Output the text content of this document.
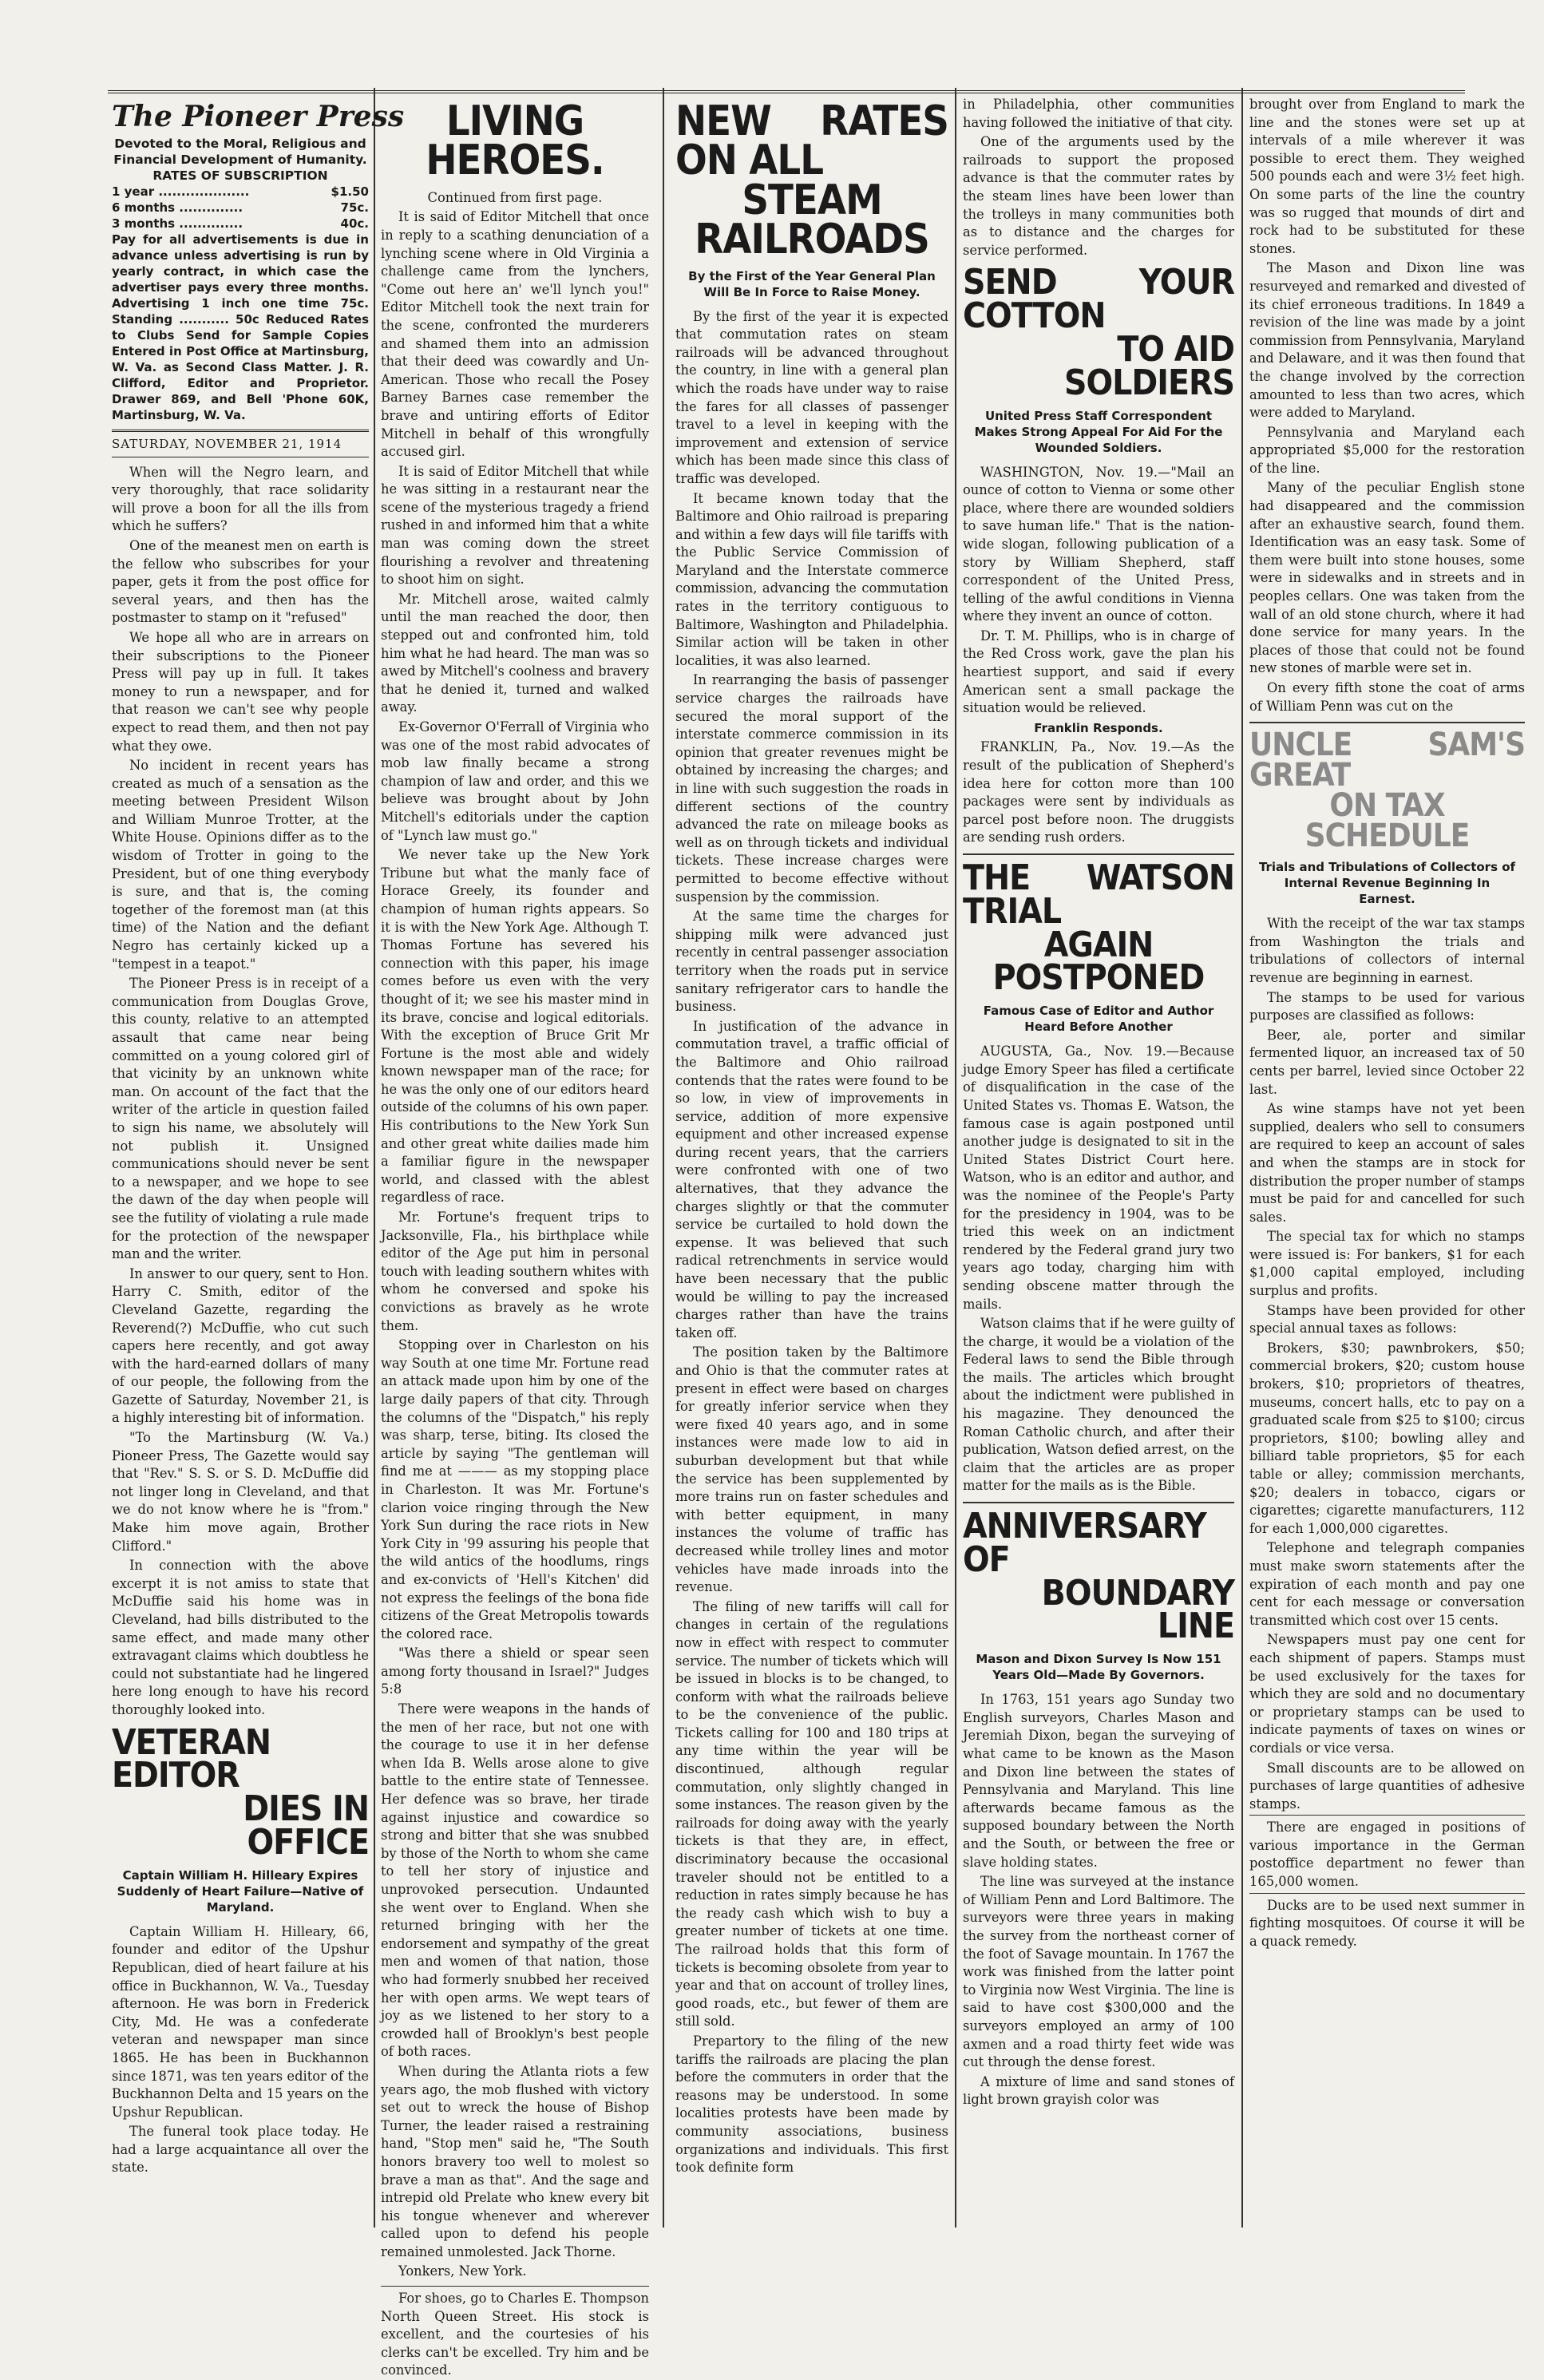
The Pioneer Press
Devoted to the Moral, Religious and
Financial Development of Humanity.
RATES OF SUBSCRIPTION
1 year ....................	$1.50
6 months ..............	75c.
3 months ..............	40c.

Pay for all advertisements is due in advance unless advertising is run by yearly contract, in which case the advertiser pays every three months. Advertising 1 inch one time 75c. Standing ........... 50c Reduced Rates to Clubs Send for Sample Copies Entered in Post Office at Martinsburg, W. Va. as Second Class Matter. J. R. Clifford, Editor and Proprietor. Drawer 869, and Bell 'Phone 60K, Martinsburg, W. Va.

SATURDAY, NOVEMBER 21, 1914

When will the Negro learn, and very thoroughly, that race solidarity will prove a boon for all the ills from which he suffers?

One of the meanest men on earth is the fellow who subscribes for your paper, gets it from the post office for several years, and then has the postmaster to stamp on it "refused"

We hope all who are in arrears on their subscriptions to the Pioneer Press will pay up in full. It takes money to run a newspaper, and for that reason we can't see why people expect to read them, and then not pay what they owe.

No incident in recent years has created as much of a sensation as the meeting between President Wilson and William Munroe Trotter, at the White House. Opinions differ as to the wisdom of Trotter in going to the President, but of one thing everybody is sure, and that is, the coming together of the foremost man (at this time) of the Nation and the defiant Negro has certainly kicked up a "tempest in a teapot."

The Pioneer Press is in receipt of a communication from Douglas Grove, this county, relative to an attempted assault that came near being committed on a young colored girl of that vicinity by an unknown white man. On account of the fact that the writer of the article in question failed to sign his name, we absolutely will not publish it. Unsigned communications should never be sent to a newspaper, and we hope to see the dawn of the day when people will see the futility of violating a rule made for the protection of the newspaper man and the writer.

In answer to our query, sent to Hon. Harry C. Smith, editor of the Cleveland Gazette, regarding the Reverend(?) McDuffie, who cut such capers here recently, and got away with the hard-earned dollars of many of our people, the following from the Gazette of Saturday, November 21, is a highly interesting bit of information.

"To the Martinsburg (W. Va.) Pioneer Press, The Gazette would say that "Rev." S. S. or S. D. McDuffie did not linger long in Cleveland, and that we do not know where he is "from." Make him move again, Brother Clifford."

In connection with the above excerpt it is not amiss to state that McDuffie said his home was in Cleveland, had bills distributed to the same effect, and made many other extravagant claims which doubtless he could not substantiate had he lingered here long enough to have his record thoroughly looked into.

VETERAN EDITOR
DIES IN OFFICE
Captain William H. Hilleary Expires Suddenly of Heart Failure—Native of Maryland.

Captain William H. Hilleary, 66, founder and editor of the Upshur Republican, died of heart failure at his office in Buckhannon, W. Va., Tuesday afternoon. He was born in Frederick City, Md. He was a confederate veteran and newspaper man since 1865. He has been in Buckhannon since 1871, was ten years editor of the Buckhannon Delta and 15 years on the Upshur Republican.

The funeral took place today. He had a large acquaintance all over the state.

LIVING HEROES.

Continued from first page.

It is said of Editor Mitchell that once in reply to a scathing denunciation of a lynching scene where in Old Virginia a challenge came from the lynchers, "Come out here an' we'll lynch you!" Editor Mitchell took the next train for the scene, confronted the murderers and shamed them into an admission that their deed was cowardly and Un-American. Those who recall the Posey Barney Barnes case remember the brave and untiring efforts of Editor Mitchell in behalf of this wrongfully accused girl.

It is said of Editor Mitchell that while he was sitting in a restaurant near the scene of the mysterious tragedy a friend rushed in and informed him that a white man was coming down the street flourishing a revolver and threatening to shoot him on sight.

Mr. Mitchell arose, waited calmly until the man reached the door, then stepped out and confronted him, told him what he had heard. The man was so awed by Mitchell's coolness and bravery that he denied it, turned and walked away.

Ex-Governor O'Ferrall of Virginia who was one of the most rabid advocates of mob law finally became a strong champion of law and order, and this we believe was brought about by John Mitchell's editorials under the caption of "Lynch law must go."

We never take up the New York Tribune but what the manly face of Horace Greely, its founder and champion of human rights appears. So it is with the New York Age. Although T. Thomas Fortune has severed his connection with this paper, his image comes before us even with the very thought of it; we see his master mind in its brave, concise and logical editorials. With the exception of Bruce Grit Mr Fortune is the most able and widely known newspaper man of the race; for he was the only one of our editors heard outside of the columns of his own paper. His contributions to the New York Sun and other great white dailies made him a familiar figure in the newspaper world, and classed with the ablest regardless of race.

Mr. Fortune's frequent trips to Jacksonville, Fla., his birthplace while editor of the Age put him in personal touch with leading southern whites with whom he conversed and spoke his convictions as bravely as he wrote them.

Stopping over in Charleston on his way South at one time Mr. Fortune read an attack made upon him by one of the large daily papers of that city. Through the columns of the "Dispatch," his reply was sharp, terse, biting. Its closed the article by saying "The gentleman will find me at ——— as my stopping place in Charleston. It was Mr. Fortune's clarion voice ringing through the New York Sun during the race riots in New York City in '99 assuring his people that the wild antics of the hoodlums, rings and ex-convicts of 'Hell's Kitchen' did not express the feelings of the bona fide citizens of the Great Metropolis towards the colored race.

"Was there a shield or spear seen among forty thousand in Israel?" Judges 5:8

There were weapons in the hands of the men of her race, but not one with the courage to use it in her defense when Ida B. Wells arose alone to give battle to the entire state of Tennessee. Her defence was so brave, her tirade against injustice and cowardice so strong and bitter that she was snubbed by those of the North to whom she came to tell her story of injustice and unprovoked persecution. Undaunted she went over to England. When she returned bringing with her the endorsement and sympathy of the great men and women of that nation, those who had formerly snubbed her received her with open arms. We wept tears of joy as we listened to her story to a crowded hall of Brooklyn's best people of both races.

When during the Atlanta riots a few years ago, the mob flushed with victory set out to wreck the house of Bishop Turner, the leader raised a restraining hand, "Stop men" said he, "The South honors bravery too well to molest so brave a man as that". And the sage and intrepid old Prelate who knew every bit his tongue whenever and wherever called upon to defend his people remained unmolested. Jack Thorne.

Yonkers, New York.

For shoes, go to Charles E. Thompson North Queen Street. His stock is excellent, and the courtesies of his clerks can't be excelled. Try him and be convinced.

NEW RATES ON ALL
STEAM RAILROADS
By the First of the Year General Plan Will Be In Force to Raise Money.

By the first of the year it is expected that commutation rates on steam railroads will be advanced throughout the country, in line with a general plan which the roads have under way to raise the fares for all classes of passenger travel to a level in keeping with the improvement and extension of service which has been made since this class of traffic was developed.

It became known today that the Baltimore and Ohio railroad is preparing and within a few days will file tariffs with the Public Service Commission of Maryland and the Interstate commerce commission, advancing the commutation rates in the territory contiguous to Baltimore, Washington and Philadelphia. Similar action will be taken in other localities, it was also learned.

In rearranging the basis of passenger service charges the railroads have secured the moral support of the interstate commerce commission in its opinion that greater revenues might be obtained by increasing the charges; and in line with such suggestion the roads in different sections of the country advanced the rate on mileage books as well as on through tickets and individual tickets. These increase charges were permitted to become effective without suspension by the commission.

At the same time the charges for shipping milk were advanced just recently in central passenger association territory when the roads put in service sanitary refrigerator cars to handle the business.

In justification of the advance in commutation travel, a traffic official of the Baltimore and Ohio railroad contends that the rates were found to be so low, in view of improvements in service, addition of more expensive equipment and other increased expense during recent years, that the carriers were confronted with one of two alternatives, that they advance the charges slightly or that the commuter service be curtailed to hold down the expense. It was believed that such radical retrenchments in service would have been necessary that the public would be willing to pay the increased charges rather than have the trains taken off.

The position taken by the Baltimore and Ohio is that the commuter rates at present in effect were based on charges for greatly inferior service when they were fixed 40 years ago, and in some instances were made low to aid in suburban development but that while the service has been supplemented by more trains run on faster schedules and with better equipment, in many instances the volume of traffic has decreased while trolley lines and motor vehicles have made inroads into the revenue.

The filing of new tariffs will call for changes in certain of the regulations now in effect with respect to commuter service. The number of tickets which will be issued in blocks is to be changed, to conform with what the railroads believe to be the convenience of the public. Tickets calling for 100 and 180 trips at any time within the year will be discontinued, although regular commutation, only slightly changed in some instances. The reason given by the railroads for doing away with the yearly tickets is that they are, in effect, discriminatory because the occasional traveler should not be entitled to a reduction in rates simply because he has the ready cash which wish to buy a greater number of tickets at one time. The railroad holds that this form of tickets is becoming obsolete from year to year and that on account of trolley lines, good roads, etc., but fewer of them are still sold.

Prepartory to the filing of the new tariffs the railroads are placing the plan before the commuters in order that the reasons may be understood. In some localities protests have been made by community associations, business organizations and individuals. This first took definite form

in Philadelphia, other communities having followed the initiative of that city.

One of the arguments used by the railroads to support the proposed advance is that the commuter rates by the steam lines have been lower than the trolleys in many communities both as to distance and the charges for service performed.

SEND YOUR COTTON
TO AID SOLDIERS
United Press Staff Correspondent Makes Strong Appeal For Aid For the Wounded Soldiers.

WASHINGTON, Nov. 19.—"Mail an ounce of cotton to Vienna or some other place, where there are wounded soldiers to save human life." That is the nation-wide slogan, following publication of a story by William Shepherd, staff correspondent of the United Press, telling of the awful conditions in Vienna where they invent an ounce of cotton.

Dr. T. M. Phillips, who is in charge of the Red Cross work, gave the plan his heartiest support, and said if every American sent a small package the situation would be relieved.

Franklin Responds.

FRANKLIN, Pa., Nov. 19.—As the result of the publication of Shepherd's idea here for cotton more than 100 packages were sent by individuals as parcel post before noon. The druggists are sending rush orders.

THE WATSON TRIAL
AGAIN POSTPONED
Famous Case of Editor and Author Heard Before Another

AUGUSTA, Ga., Nov. 19.—Because judge Emory Speer has filed a certificate of disqualification in the case of the United States vs. Thomas E. Watson, the famous case is again postponed until another judge is designated to sit in the United States District Court here. Watson, who is an editor and author, and was the nominee of the People's Party for the presidency in 1904, was to be tried this week on an indictment rendered by the Federal grand jury two years ago today, charging him with sending obscene matter through the mails.

Watson claims that if he were guilty of the charge, it would be a violation of the Federal laws to send the Bible through the mails. The articles which brought about the indictment were published in his magazine. They denounced the Roman Catholic church, and after their publication, Watson defied arrest, on the claim that the articles are as proper matter for the mails as is the Bible.

ANNIVERSARY OF
BOUNDARY LINE
Mason and Dixon Survey Is Now 151 Years Old—Made By Governors.

In 1763, 151 years ago Sunday two English surveyors, Charles Mason and Jeremiah Dixon, began the surveying of what came to be known as the Mason and Dixon line between the states of Pennsylvania and Maryland. This line afterwards became famous as the supposed boundary between the North and the South, or between the free or slave holding states.

The line was surveyed at the instance of William Penn and Lord Baltimore. The surveyors were three years in making the survey from the northeast corner of the foot of Savage mountain. In 1767 the work was finished from the latter point to Virginia now West Virginia. The line is said to have cost $300,000 and the surveyors employed an army of 100 axmen and a road thirty feet wide was cut through the dense forest.

A mixture of lime and sand stones of light brown grayish color was

brought over from England to mark the line and the stones were set up at intervals of a mile wherever it was possible to erect them. They weighed 500 pounds each and were 3½ feet high. On some parts of the line the country was so rugged that mounds of dirt and rock had to be substituted for these stones.

The Mason and Dixon line was resurveyed and remarked and divested of its chief erroneous traditions. In 1849 a revision of the line was made by a joint commission from Pennsylvania, Maryland and Delaware, and it was then found that the change involved by the correction amounted to less than two acres, which were added to Maryland.

Pennsylvania and Maryland each appropriated $5,000 for the restoration of the line.

Many of the peculiar English stone had disappeared and the commission after an exhaustive search, found them. Identification was an easy task. Some of them were built into stone houses, some were in sidewalks and in streets and in peoples cellars. One was taken from the wall of an old stone church, where it had done service for many years. In the places of those that could not be found new stones of marble were set in.

On every fifth stone the coat of arms of William Penn was cut on the

UNCLE SAM'S GREAT
ON TAX SCHEDULE
Trials and Tribulations of Collectors of Internal Revenue Beginning In Earnest.

With the receipt of the war tax stamps from Washington the trials and tribulations of collectors of internal revenue are beginning in earnest.

The stamps to be used for various purposes are classified as follows:

Beer, ale, porter and similar fermented liquor, an increased tax of 50 cents per barrel, levied since October 22 last.

As wine stamps have not yet been supplied, dealers who sell to consumers are required to keep an account of sales and when the stamps are in stock for distribution the proper number of stamps must be paid for and cancelled for such sales.

The special tax for which no stamps were issued is: For bankers, $1 for each $1,000 capital employed, including surplus and profits.

Stamps have been provided for other special annual taxes as follows:

Brokers, $30; pawnbrokers, $50; commercial brokers, $20; custom house brokers, $10; proprietors of theatres, museums, concert halls, etc to pay on a graduated scale from $25 to $100; circus proprietors, $100; bowling alley and billiard table proprietors, $5 for each table or alley; commission merchants, $20; dealers in tobacco, cigars or cigarettes; cigarette manufacturers, 112 for each 1,000,000 cigarettes.

Telephone and telegraph companies must make sworn statements after the expiration of each month and pay one cent for each message or conversation transmitted which cost over 15 cents.

Newspapers must pay one cent for each shipment of papers. Stamps must be used exclusively for the taxes for which they are sold and no documentary or proprietary stamps can be used to indicate payments of taxes on wines or cordials or vice versa.

Small discounts are to be allowed on purchases of large quantities of adhesive stamps.

There are engaged in positions of various importance in the German postoffice department no fewer than 165,000 women.

Ducks are to be used next summer in fighting mosquitoes. Of course it will be a quack remedy.
